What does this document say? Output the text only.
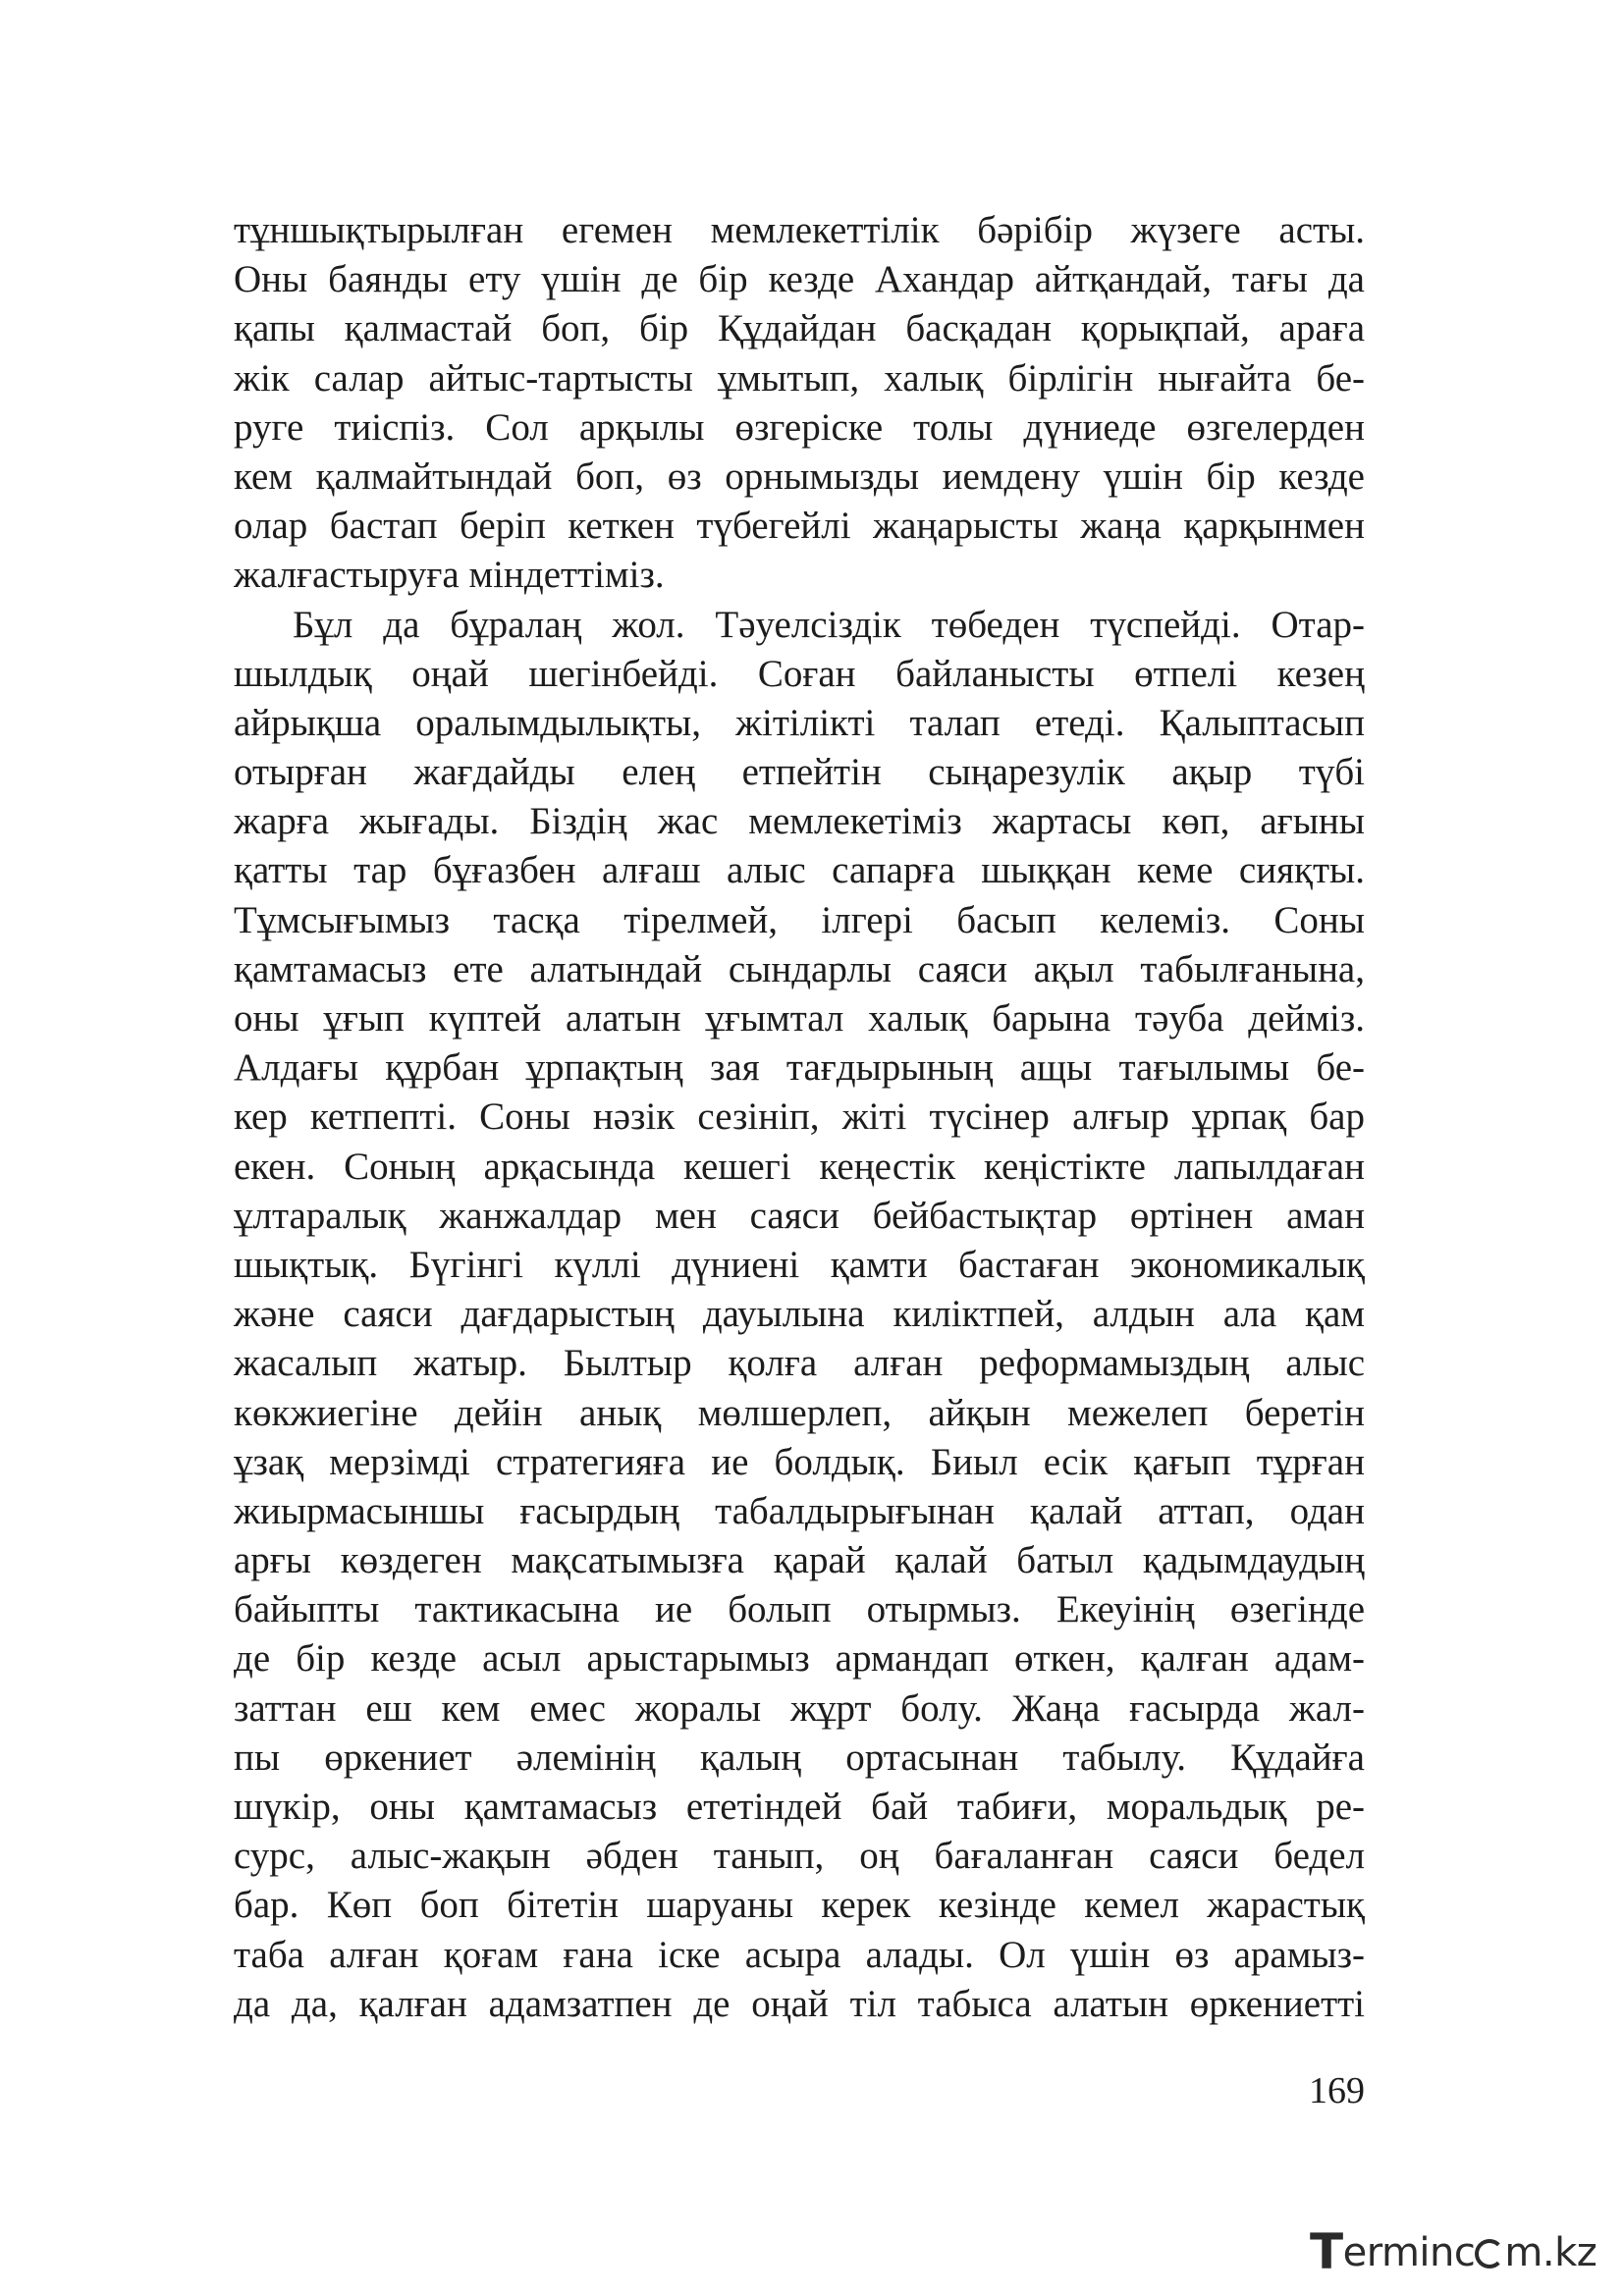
тұншықтырылған егемен мемлекеттілік бәрібір жүзеге асты.
Оны баянды ету үшін де бір кезде Ахандар айтқандай, тағы да
қапы қалмастай боп, бір Құдайдан басқадан қорықпай, араға
жік салар айтыс-тартысты ұмытып, халық бірлігін нығайта бе-
руге тиіспіз. Сол арқылы өзгеріске толы дүниеде өзгелерден
кем қалмайтындай боп, өз орнымызды иемдену үшін бір кезде
олар бастап беріп кеткен түбегейлі жаңарысты жаңа қарқынмен
жалғастыруға міндеттіміз.
Бұл да бұралаң жол. Тәуелсіздік төбеден түспейді. Отар-
шылдық оңай шегінбейді. Соған байланысты өтпелі кезең
айрықша оралымдылықты, жітілікті талап етеді. Қалыптасып
отырған жағдайды елең етпейтін сыңарезулік ақыр түбі
жарға жығады. Біздің жас мемлекетіміз жартасы көп, ағыны
қатты тар бұғазбен алғаш алыс сапарға шыққан кеме сияқты.
Тұмсығымыз тасқа тірелмей, ілгері басып келеміз. Соны
қамтамасыз ете алатындай сындарлы саяси ақыл табылғанына,
оны ұғып күптей алатын ұғымтал халық барына тәуба дейміз.
Алдағы құрбан ұрпақтың зая тағдырының ащы тағылымы бе-
кер кетпепті. Соны нәзік сезініп, жіті түсінер алғыр ұрпақ бар
екен. Соның арқасында кешегі кеңестік кеңістікте лапылдаған
ұлтаралық жанжалдар мен саяси бейбастықтар өртінен аман
шықтық. Бүгінгі күллі дүниені қамти бастаған экономикалық
және саяси дағдарыстың дауылына киліктпей, алдын ала қам
жасалып жатыр. Былтыр қолға алған реформамыздың алыс
көкжиегіне дейін анық мөлшерлеп, айқын межелеп беретін
ұзақ мерзімді стратегияға ие болдық. Биыл есік қағып тұрған
жиырмасыншы ғасырдың табалдырығынан қалай аттап, одан
арғы көздеген мақсатымызға қарай қалай батыл қадымдаудың
байыпты тактикасына ие болып отырмыз. Екеуінің өзегінде
де бір кезде асыл арыстарымыз армандап өткен, қалған адам-
заттан еш кем емес жоралы жұрт болу. Жаңа ғасырда жал-
пы өркениет әлемінің қалың ортасынан табылу. Құдайға
шүкір, оны қамтамасыз ететіндей бай табиғи, моральдық ре-
сурс, алыс-жақын әбден танып, оң бағаланған саяси бедел
бар. Көп боп бітетін шаруаны керек кезінде кемел жарастық
таба алған қоғам ғана іске асыра алады. Ол үшін өз арамыз-
да да, қалған адамзатпен де оңай тіл табыса алатын өркениетті
169
Terminc m.kz
